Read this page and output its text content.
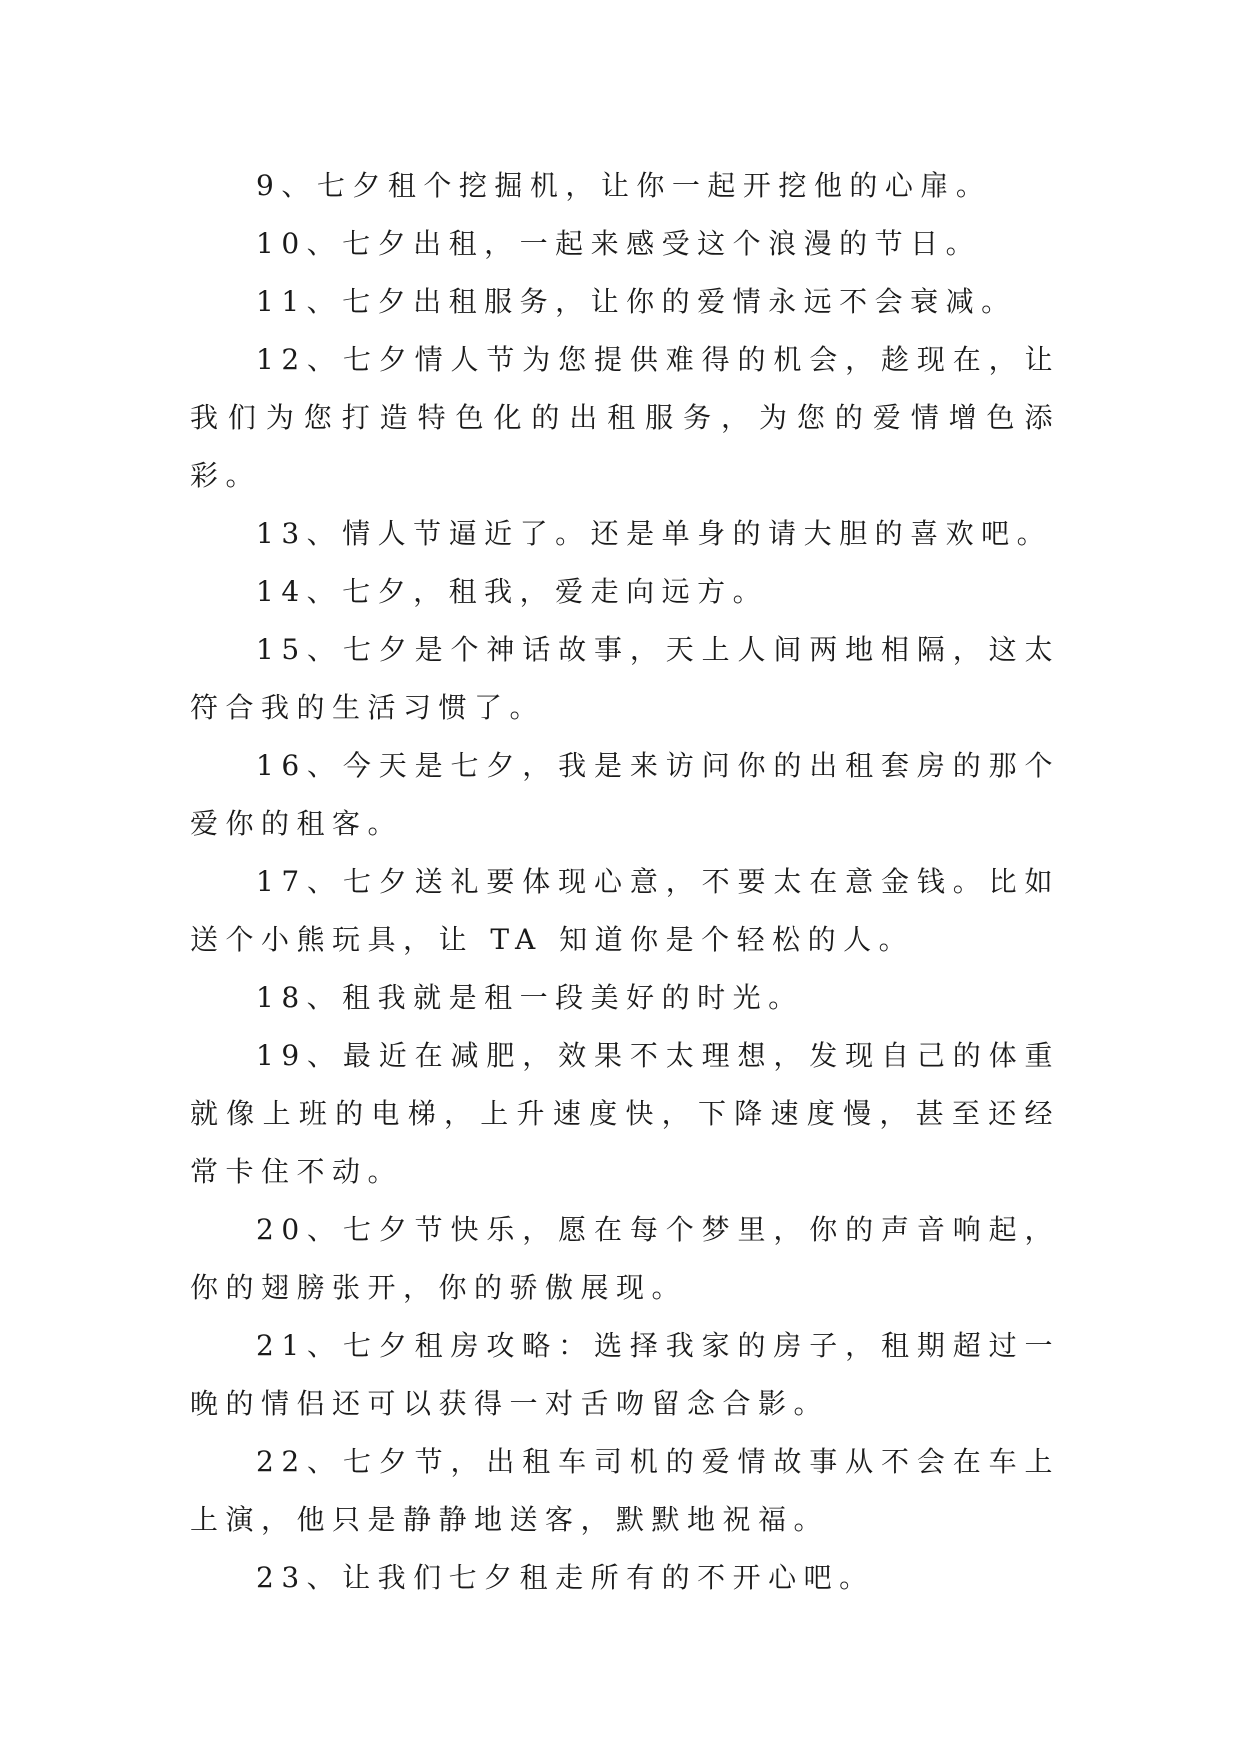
9、七夕租个挖掘机，让你一起开挖他的心扉。

10、七夕出租，一起来感受这个浪漫的节日。

11、七夕出租服务，让你的爱情永远不会衰减。

12、七夕情人节为您提供难得的机会，趁现在，让我们为您打造特色化的出租服务，为您的爱情增色添彩。

13、情人节逼近了。还是单身的请大胆的喜欢吧。

14、七夕，租我，爱走向远方。

15、七夕是个神话故事，天上人间两地相隔，这太符合我的生活习惯了。

16、今天是七夕，我是来访问你的出租套房的那个爱你的租客。

17、七夕送礼要体现心意，不要太在意金钱。比如送个小熊玩具，让 TA 知道你是个轻松的人。

18、租我就是租一段美好的时光。

19、最近在减肥，效果不太理想，发现自己的体重就像上班的电梯，上升速度快，下降速度慢，甚至还经常卡住不动。

20、七夕节快乐，愿在每个梦里，你的声音响起，你的翅膀张开，你的骄傲展现。

21、七夕租房攻略：选择我家的房子，租期超过一晚的情侣还可以获得一对舌吻留念合影。

22、七夕节，出租车司机的爱情故事从不会在车上上演，他只是静静地送客，默默地祝福。

23、让我们七夕租走所有的不开心吧。
